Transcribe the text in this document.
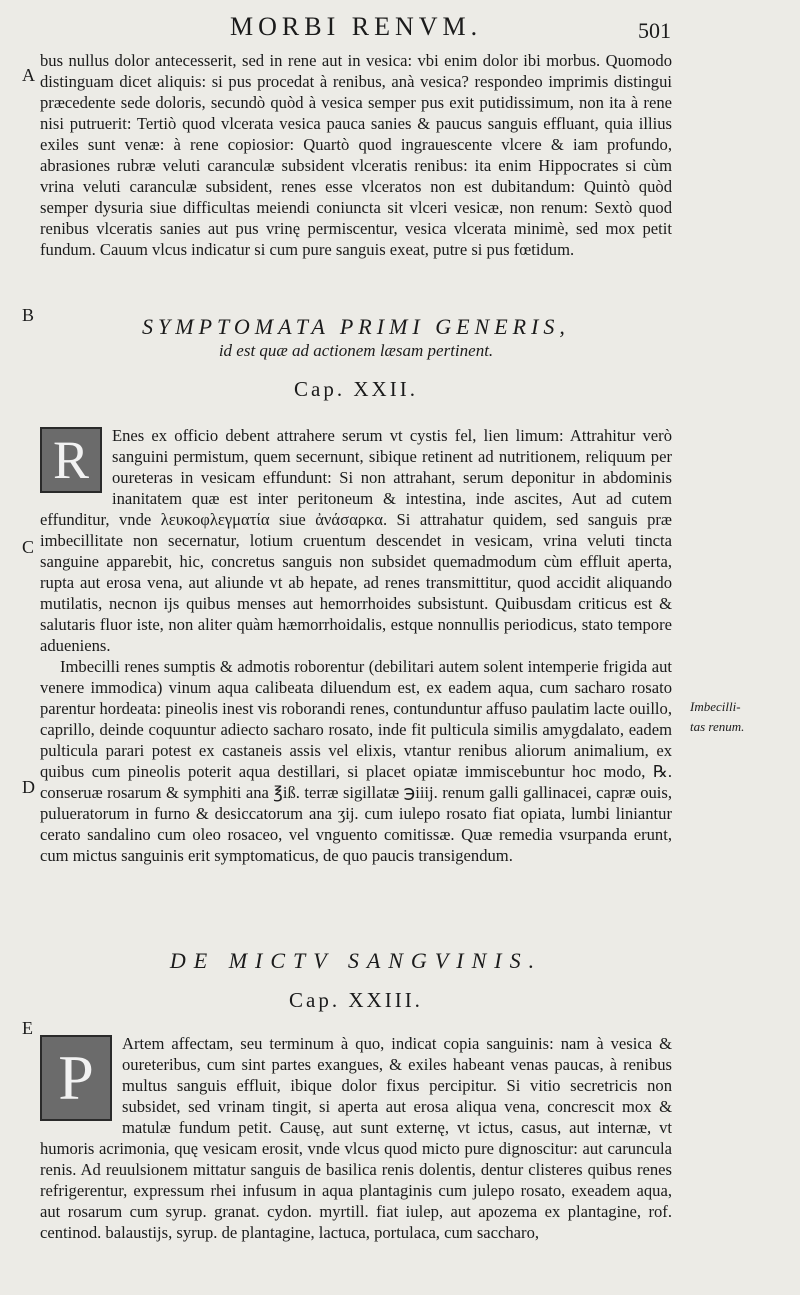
MORBI RENVM.	501
A
B
C
D
E

bus nullus dolor antecesserit, sed in rene aut in vesica: vbi enim dolor ibi morbus. Quomodo distinguam dicet aliquis: si pus procedat à renibus, anà vesica? respondeo imprimis distingui præcedente sede doloris, secundò quòd à vesica semper pus exit putidissimum, non ita à rene nisi putruerit: Tertiò quod vlcerata vesica pauca sanies & paucus sanguis effluant, quia illius exiles sunt venæ: à rene copiosior: Quartò quod ingrauescente vlcere & iam profundo, abrasiones rubræ veluti caranculæ subsident vlceratis renibus: ita enim Hippocrates si cùm vrina veluti caranculæ subsident, renes esse vlceratos non est dubitandum: Quintò quòd semper dysuria siue difficultas meiendi coniuncta sit vlceri vesicæ, non renum: Sextò quod renibus vlceratis sanies aut pus vrinę permiscentur, vesica vlcerata minimè, sed mox petit fundum. Cauum vlcus indicatur si cum pure sanguis exeat, putre si pus fœtidum.

SYMPTOMATA PRIMI GENERIS,
id est quæ ad actionem læsam pertinent.
Cap. XXII.

R	Enes ex officio debent attrahere serum vt cystis fel, lien limum: Attrahitur verò sanguini permistum, quem secernunt, sibique retinent ad nutritionem, reliquum per oureteras in vesicam effundunt: Si non attrahant, serum deponitur in abdominis inanitatem quæ est inter peritoneum & intestina, inde ascites, Aut ad cutem effunditur, vnde λευκοφλεγματία siue ἀνάσαρκα. Si attrahatur quidem, sed sanguis præ imbecillitate non secernatur, lotium cruentum descendet in vesicam, vrina veluti tincta sanguine apparebit, hic, concretus sanguis non subsidet quemadmodum cùm effluit aperta, rupta aut erosa vena, aut aliunde vt ab hepate, ad renes transmittitur, quod accidit aliquando mutilatis, necnon ijs quibus menses aut hemorrhoides subsistunt. Quibusdam criticus est & salutaris fluor iste, non aliter quàm hæmorrhoidalis, estque nonnullis periodicus, stato tempore adueniens.

Imbecilli renes sumptis & admotis roborentur (debilitari autem solent intemperie frigida aut venere immodica) vinum aqua calibeata diluendum est, ex eadem aqua, cum sacharo rosato parentur hordeata: pineolis inest vis roborandi renes, contunduntur affuso paulatim lacte ouillo, caprillo, deinde coquuntur adiecto sacharo rosato, inde fit pulticula similis amygdalato, eadem pulticula parari potest ex castaneis assis vel elixis, vtantur renibus aliorum animalium, ex quibus cum pineolis poterit aqua destillari, si placet opiatæ immiscebuntur hoc modo, ℞. conseruæ rosarum & symphiti ana ℥iß. terræ sigillatæ ℈iiij. renum galli gallinacei, capræ ouis, pulueratorum in furno & desiccatorum ana ʒij. cum iulepo rosato fiat opiata, lumbi liniantur cerato sandalino cum oleo rosaceo, vel vnguento comitissæ. Quæ remedia vsurpanda erunt, cum mictus sanguinis erit symptomaticus, de quo paucis transigendum.

Imbecilli-
tas renum.
DE MICTV SANGVINIS.
Cap. XXIII.

P	Artem affectam, seu terminum à quo, indicat copia sanguinis: nam à vesica & oureteribus, cum sint partes exangues, & exiles habeant venas paucas, à renibus multus sanguis effluit, ibique dolor fixus percipitur. Si vitio secretricis non subsidet, sed vrinam tingit, si aperta aut erosa aliqua vena, concrescit mox & matulæ fundum petit. Causę, aut sunt externę, vt ictus, casus, aut internæ, vt humoris acrimonia, quę vesicam erosit, vnde vlcus quod micto pure dignoscitur: aut caruncula renis. Ad reuulsionem mittatur sanguis de basilica renis dolentis, dentur clisteres quibus renes refrigerentur, expressum rhei infusum in aqua plantaginis cum julepo rosato, exeadem aqua, aut rosarum cum syrup. granat. cydon. myrtill. fiat iulep, aut apozema ex plantagine, rof. centinod. balaustijs, syrup. de plantagine, lactuca, portulaca, cum saccharo,
